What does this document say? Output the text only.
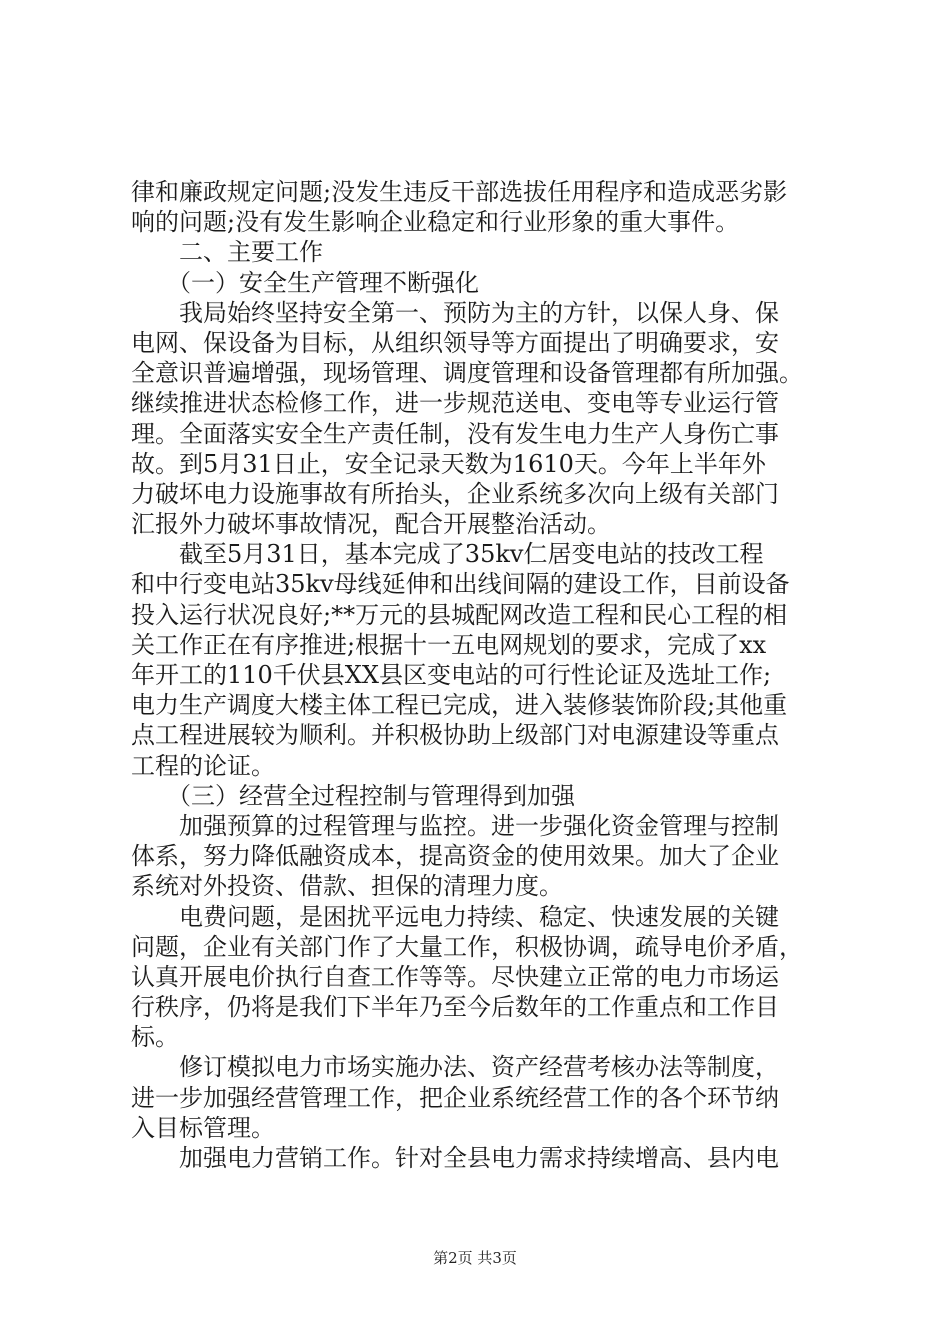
律和廉政规定问题;没发生违反干部选拔任用程序和造成恶劣影
响的问题;没有发生影响企业稳定和行业形象的重大事件。
　　二、主要工作
　　（一）安全生产管理不断强化
　　我局始终坚持安全第一、预防为主的方针，以保人身、保
电网、保设备为目标，从组织领导等方面提出了明确要求，安
全意识普遍增强，现场管理、调度管理和设备管理都有所加强。
继续推进状态检修工作，进一步规范送电、变电等专业运行管
理。全面落实安全生产责任制，没有发生电力生产人身伤亡事
故。到5月31日止，安全记录天数为1610天。今年上半年外
力破坏电力设施事故有所抬头，企业系统多次向上级有关部门
汇报外力破坏事故情况，配合开展整治活动。
　　截至5月31日，基本完成了35kv仁居变电站的技改工程
和中行变电站35kv母线延伸和出线间隔的建设工作，目前设备
投入运行状况良好;**万元的县城配网改造工程和民心工程的相
关工作正在有序推进;根据十一五电网规划的要求，完成了xx
年开工的110千伏县XX县区变电站的可行性论证及选址工作;
电力生产调度大楼主体工程已完成，进入装修装饰阶段;其他重
点工程进展较为顺利。并积极协助上级部门对电源建设等重点
工程的论证。
　　（三）经营全过程控制与管理得到加强
　　加强预算的过程管理与监控。进一步强化资金管理与控制
体系，努力降低融资成本，提高资金的使用效果。加大了企业
系统对外投资、借款、担保的清理力度。
　　电费问题，是困扰平远电力持续、稳定、快速发展的关键
问题，企业有关部门作了大量工作，积极协调，疏导电价矛盾，
认真开展电价执行自查工作等等。尽快建立正常的电力市场运
行秩序，仍将是我们下半年乃至今后数年的工作重点和工作目
标。
　　修订模拟电力市场实施办法、资产经营考核办法等制度，
进一步加强经营管理工作，把企业系统经营工作的各个环节纳
入目标管理。
　　加强电力营销工作。针对全县电力需求持续增高、县内电
第2页 共3页
